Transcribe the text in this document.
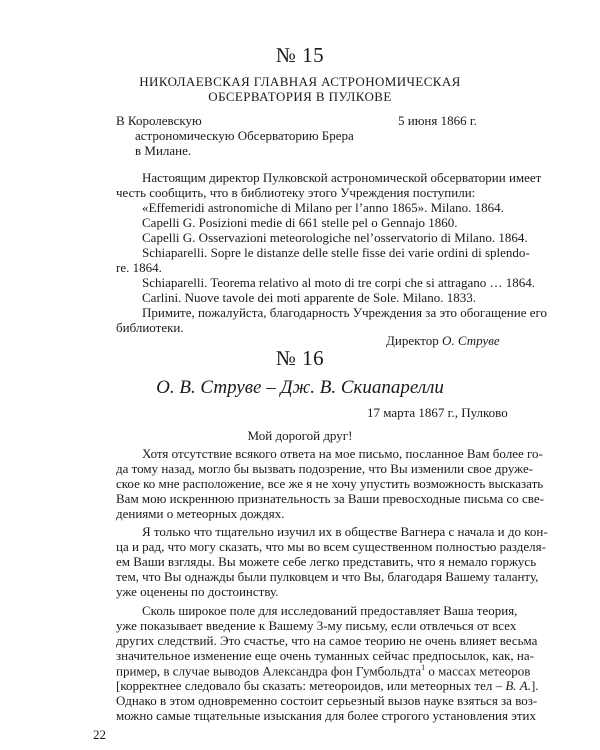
№ 15
НИКОЛАЕВСКАЯ ГЛАВНАЯ АСТРОНОМИЧЕСКАЯ
ОБСЕРВАТОРИЯ В ПУЛКОВЕ
В Королевскую
астрономическую Обсерваторию Брера
в Милане.
5 июня 1866 г.
Настоящим директор Пулковской астрономической обсерватории имеет
честь сообщить, что в библиотеку этого Учреждения поступили:
«Effemeridi astronomiche di Milano per l’anno 1865». Milano. 1864.
Capelli G. Posizioni medie di 661 stelle pel o Gennajo 1860.
Capelli G. Osservazioni meteorologiche nel’osservatorio di Milano. 1864.
Schiaparelli. Sopre le distanze delle stelle fisse dei varie ordini di splendo-
re. 1864.
Schiaparelli. Teorema relativo al moto di tre corpi che si attragano … 1864.
Carlini. Nuove tavole dei moti apparente de Sole. Milano. 1833.
Примите, пожалуйста, благодарность Учреждения за это обогащение его
библиотеки.
Директор О. Струве
№ 16
О. В. Струве – Дж. В. Скиапарелли
17 марта 1867 г., Пулково
Мой дорогой друг!
Хотя отсутствие всякого ответа на мое письмо, посланное Вам более го-
да тому назад, могло бы вызвать подозрение, что Вы изменили свое друже-
ское ко мне расположение, все же я не хочу упустить возможность высказать
Вам мою искреннюю признательность за Ваши превосходные письма со све-
дениями о метеорных дождях.
Я только что тщательно изучил их в обществе Вагнера с начала и до кон-
ца и рад, что могу сказать, что мы во всем существенном полностью разделя-
ем Ваши взгляды. Вы можете себе легко представить, что я немало горжусь
тем, что Вы однажды были пулковцем и что Вы, благодаря Вашему таланту,
уже оценены по достоинству.
Сколь широкое поле для исследований предоставляет Ваша теория,
уже показывает введение к Вашему 3-му письму, если отвлечься от всех
других следствий. Это счастье, что на самое теорию не очень влияет весьма
значительное изменение еще очень туманных сейчас предпосылок, как, на-
пример, в случае выводов Александра фон Гумбольдта$^1$ о массах метеоров
[корректнее следовало бы сказать: метеороидов, или метеорных тел – В. А.].
Однако в этом одновременно состоит серьезный вызов науке взяться за воз-
можно самые тщательные изыскания для более строгого установления этих
22
